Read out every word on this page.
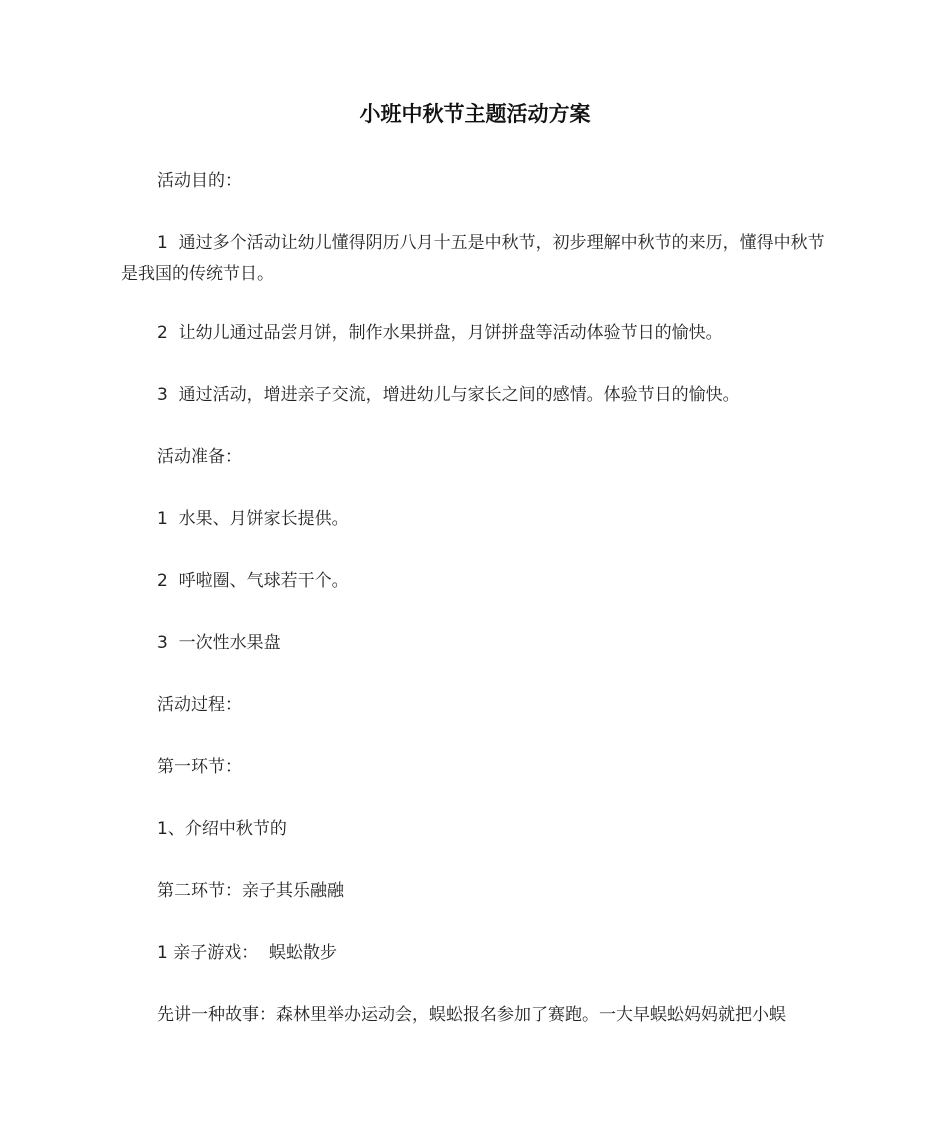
小班中秋节主题活动方案
活动目的：
1  通过多个活动让幼儿懂得阴历八月十五是中秋节，初步理解中秋节的来历，懂得中秋节是我国的传统节日。
2  让幼儿通过品尝月饼，制作水果拼盘，月饼拼盘等活动体验节日的愉快。
3  通过活动，增进亲子交流，增进幼儿与家长之间的感情。体验节日的愉快。
活动准备：
1  水果、月饼家长提供。
2  呼啦圈、气球若干个。
3  一次性水果盘
活动过程：
第一环节：
1、介绍中秋节的
第二环节：亲子其乐融融
1 亲子游戏：  蜈蚣散步
先讲一种故事：森林里举办运动会，蜈蚣报名参加了赛跑。一大早蜈蚣妈妈就把小蜈
